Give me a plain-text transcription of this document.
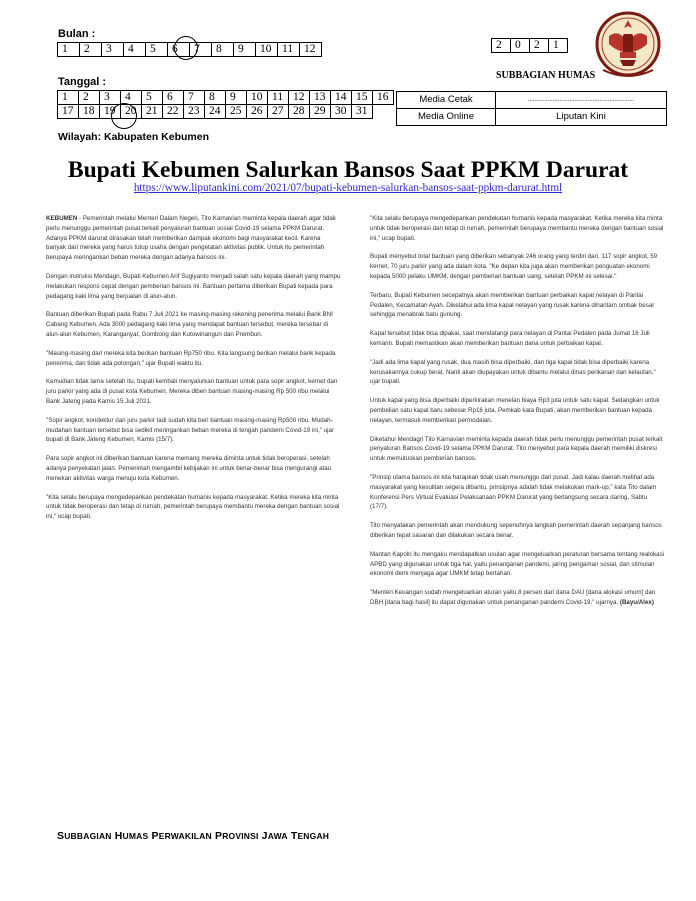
Bulan :
1	2	3	4	5	6	7	8	9	10	11	12	2	0	2	1
SUBBAGIAN HUMAS
Tanggal :
1	2	3	4	5	6	7	8	9	10	11	12	13	14	15	16
17	18	19	20	21	22	23	24	25	26	27	28	29	30	31	
Media Cetak	................................................................
Media Online	Liputan Kini
Wilayah: Kabupaten Kebumen
Bupati Kebumen Salurkan Bansos Saat PPKM Darurat
https://www.liputankini.com/2021/07/bupati-kebumen-salurkan-bansos-saat-ppkm-darurat.html

KEBUMEN - Pemerintah melalui Menteri Dalam Negeri, Tito Karnavian meminta kepala daerah agar tidak perlu menunggu pemerintah pusat terkait penyaluran bantuan sosial Covid-19 selama PPKM Darurat. Adanya PPKM darurat dirasakan telah memberikan dampak ekonomi bagi masyarakat kecil. Karena banyak dari mereka yang harus tutup usaha dengan pengetatan aktivitas publik. Untuk itu pemerintah berupaya meringankan beban mereka dengan adanya bansos ini.

Dengan instruksi Mendagri, Bupati Kebumen Arif Sugiyanto menjadi salah satu kepala daerah yang mampu melakukan respons cepat dengan pemberian bansos ini. Bantuan pertama diberikan Bupati kepada para pedagang kaki lima yang berjualan di alun-alun.

Bantuan diberikan Bupati pada Rabu 7 Juli 2021 ke masing-masing rekening penerima melalui Bank BNI Cabang Kebumen. Ada 3000 pedagang kaki lima yang mendapat bantuan tersebut, mereka tersebar di alun-alun Kebumen, Karanganyar, Gombong dan Kutowinangun dan Prembun.

"Masing-masing dari mereka kita berikan bantuan Rp750 ribu. Kita langsung berikan melalui bank kepada penerima, dan tidak ada potongan," ujar Bupati waktu itu.

Kemudian tidak lama setelah itu, bupati kembali menyalurkan bantuan untuk para sopir angkot, kernet dan juru parkir yang ada di pusat kota Kebumen. Mereka diberi bantuan masing-masing Rp 500 ribu melalui Bank Jateng pada Kamis 15 Juli 2021.

"Sopir angkot, kondektur dan juru parkir tadi sudah kita beri bantuan masing-masing Rp500 ribu. Mudah-mudahan bantuan tersebut bisa sedikit meringankan beban mereka di tengah pandemi Covid-19 ini," ujar bupati di Bank Jateng Kebumen, Kamis (15/7).

Para sopir angkot ini diberikan bantuan karena memang mereka diminta untuk tidak beroperasi, setelah adanya penyekatan jalan. Pemerintah mengambil kebijakan ini untuk benar-benar bisa mengurangi atau menekan aktivitas warga menuju kota Kebumen.

"Kita selalu berupaya mengedepankan pendekatan humanis kepada masyarakat. Ketika mereka kita minta untuk tidak beroperasi dan tetap di rumah, pemerintah berupaya membantu mereka dengan bantuan sosial ini," ucap bupati.

"Kita selalu berupaya mengedepankan pendekatan humanis kepada masyarakat. Ketika mereka kita minta untuk tidak beroperasi dan tetap di rumah, pemerintah berupaya membantu mereka dengan bantuan sosial ini," ucap bupati.

Bupati menyebut total bantuan yang diberikan sebanyak 246 orang yang terdiri dari, 117 sopir angkot, 59 kernet, 70 juru parkir yang ada dalam kota. "Ke depan kita juga akan memberikan penguatan ekonomi kepada 5000 pelaku UMKM, dengan pemberian bantuan uang, setelah PPKM ini selesai."

Terbaru, Bupati Kebumen secepatnya akan memberikan bantuan perbaikan kapal nelayan di Pantai Pedalen, Kecamatan Ayah. Diketahui ada lima kapal nelayan yang rusak karena dihantam ombak besar sehingga menabrak batu gunung.

Kapal tersebut tidak bisa dipakai, saat mendatangi para nelayan di Pantai Pedalen pada Jumat 16 Juli kemarin. Bupati memastikan akan memberikan bantuan dana untuk perbaikan kapal.

"Jadi ada lima kapal yang rusak, dua masih bisa diperbaiki, dan tiga kapal tidak bisa diperbaiki karena kerusakannya cukup berat. Nanti akan diupayakan untuk dibantu melalui dinas perikanan dan kelautan," ujar bupati.

Untuk kapal yang bisa diperbaiki diperkirakan menelan biaya Rp3 juta untuk satu kapal. Sedangkan untuk pembelian satu kapal baru sebesar Rp16 juta. Pemkab kata Bupati, akan memberikan bantuan kepada nelayan, termasuk memberikan permodalan.

Diketahui Mendagri Tito Karnavian meminta kepada daerah tidak perlu menunggu pemerintah pusat terkait penyaluran Bansos Covid-19 selama PPKM Darurat. Tito menyebut para kepala daerah memiliki diskresi untuk memutuskan pemberian bansos.

"Prinsip utama bansos ini kita harapkan tidak usah menunggu dari pusat. Jadi kalau daerah melihat ada masyarakat yang kesulitan segera dibantu, prinsipnya adalah tidak melakukan mark-up," kata Tito dalam Konferensi Pers Virtual Evaluasi Pelaksanaan PPKM Darurat yang berlangsung secara daring, Sabtu (17/7).

Tito menyatakan pemerintah akan mendukung sepenuhnya langkah pemerintah daerah sepanjang bansos diberikan tepat sasaran dan dilakukan secara benar.

Mantan Kapolri itu mengaku mendapatkan usulan agar mengeluarkan peraturan bersama tentang realokasi APBD yang digunakan untuk tiga hal, yaitu penanganan pandemi, jaring pengaman sosial, dan stimulan ekonomi demi menjaga agar UMKM tetap bertahan.

"Menteri Keuangan sudah mengeluarkan aturan yaitu 8 persen dari dana DAU [dana alokasi umum] dan DBH [dana bagi hasil] itu dapat digunakan untuk penanganan pandemi Covid-19," ujarnya. (Bayu/Alex)

SUBBAGIAN HUMAS PERWAKILAN PROVINSI JAWA TENGAH
